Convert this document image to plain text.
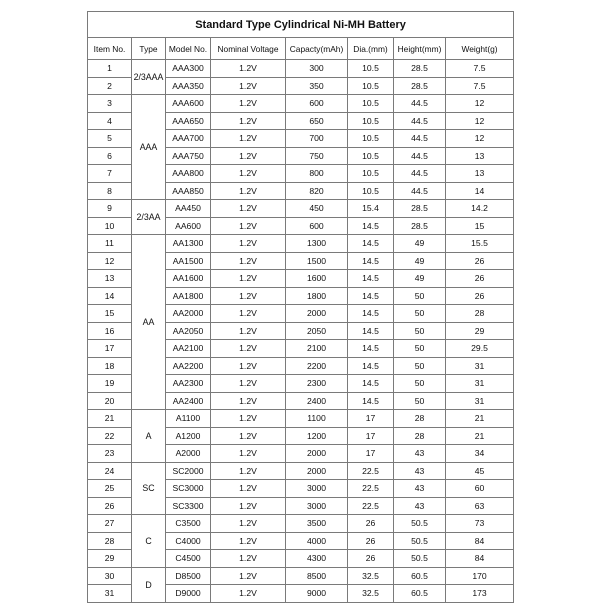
Standard Type Cylindrical Ni-MH Battery							
Item No.	Type	Model No.	Nominal Voltage	Capacty(mAh)	Dia.(mm)	Height(mm)	Weight(g)
1	2/3AAA	AAA300	1.2V	300	10.5	28.5	7.5
2		AAA350	1.2V	350	10.5	28.5	7.5
3	AAA	AAA600	1.2V	600	10.5	44.5	12
4		AAA650	1.2V	650	10.5	44.5	12
5		AAA700	1.2V	700	10.5	44.5	12
6		AAA750	1.2V	750	10.5	44.5	13
7		AAA800	1.2V	800	10.5	44.5	13
8		AAA850	1.2V	820	10.5	44.5	14
9	2/3AA	AA450	1.2V	450	15.4	28.5	14.2
10		AA600	1.2V	600	14.5	28.5	15
11	AA	AA1300	1.2V	1300	14.5	49	15.5
12		AA1500	1.2V	1500	14.5	49	26
13		AA1600	1.2V	1600	14.5	49	26
14		AA1800	1.2V	1800	14.5	50	26
15		AA2000	1.2V	2000	14.5	50	28
16		AA2050	1.2V	2050	14.5	50	29
17		AA2100	1.2V	2100	14.5	50	29.5
18		AA2200	1.2V	2200	14.5	50	31
19		AA2300	1.2V	2300	14.5	50	31
20		AA2400	1.2V	2400	14.5	50	31
21	A	A1100	1.2V	1100	17	28	21
22		A1200	1.2V	1200	17	28	21
23		A2000	1.2V	2000	17	43	34
24	SC	SC2000	1.2V	2000	22.5	43	45
25		SC3000	1.2V	3000	22.5	43	60
26		SC3300	1.2V	3000	22.5	43	63
27	C	C3500	1.2V	3500	26	50.5	73
28		C4000	1.2V	4000	26	50.5	84
29		C4500	1.2V	4300	26	50.5	84
30	D	D8500	1.2V	8500	32.5	60.5	170
31		D9000	1.2V	9000	32.5	60.5	173
